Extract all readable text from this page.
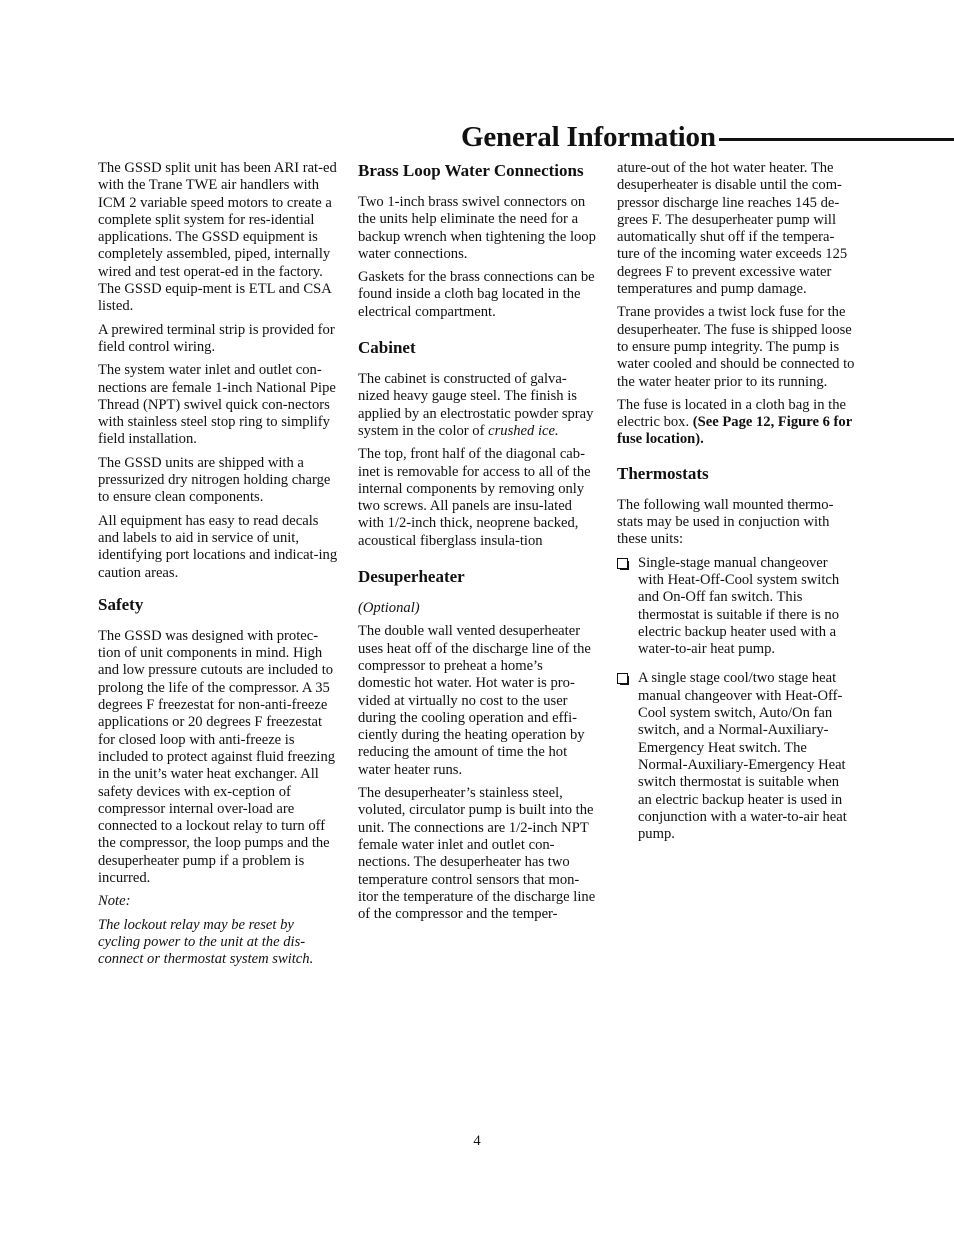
General Information

The GSSD split unit has been ARI rat-ed with the Trane TWE air handlers with ICM 2 variable speed motors to create a complete split system for res-idential applications. The GSSD equipment is completely assembled, piped, internally wired and test operat-ed in the factory. The GSSD equip-ment is ETL and CSA listed.

A prewired terminal strip is provided for field control wiring.

The system water inlet and outlet con-nections are female 1-inch National Pipe Thread (NPT) swivel quick con-nectors with stainless steel stop ring to simplify field installation.

The GSSD units are shipped with a pressurized dry nitrogen holding charge to ensure clean components.

All equipment has easy to read decals and labels to aid in service of unit, identifying port locations and indicat-ing caution areas.

Safety

The GSSD was designed with protec-tion of unit components in mind. High and low pressure cutouts are included to prolong the life of the compressor. A 35 degrees F freezestat for non-anti-freeze applications or 20 degrees F freezestat for closed loop with anti-freeze is included to protect against fluid freezing in the unit’s water heat exchanger. All safety devices with ex-ception of compressor internal over-load are connected to a lockout relay to turn off the compressor, the loop pumps and the desuperheater pump if a problem is incurred.

Note:

The lockout relay may be reset by cycling power to the unit at the dis-connect or thermostat system switch.

Brass Loop Water Connections

Two 1-inch brass swivel connectors on the units help eliminate the need for a backup wrench when tightening the loop water connections.

Gaskets for the brass connections can be found inside a cloth bag located in the electrical compartment.

Cabinet

The cabinet is constructed of galva-nized heavy gauge steel. The finish is applied by an electrostatic powder spray system in the color of crushed ice.

The top, front half of the diagonal cab-inet is removable for access to all of the internal components by removing only two screws. All panels are insu-lated with 1/2-inch thick, neoprene backed, acoustical fiberglass insula-tion

Desuperheater

(Optional)

The double wall vented desuperheater uses heat off of the discharge line of the compressor to preheat a home’s domestic hot water. Hot water is pro-vided at virtually no cost to the user during the cooling operation and effi-ciently during the heating operation by reducing the amount of time the hot water heater runs.

The desuperheater’s stainless steel, voluted, circulator pump is built into the unit. The connections are 1/2-inch NPT female water inlet and outlet con-nections. The desuperheater has two temperature control sensors that mon-itor the temperature of the discharge line of the compressor and the temper-

ature-out of the hot water heater. The desuperheater is disable until the com-pressor discharge line reaches 145 de-grees F. The desuperheater pump will automatically shut off if the tempera-ture of the incoming water exceeds 125 degrees F to prevent excessive water temperatures and pump damage.

Trane provides a twist lock fuse for the desuperheater. The fuse is shipped loose to ensure pump integrity. The pump is water cooled and should be connected to the water heater prior to its running.

The fuse is located in a cloth bag in the electric box. (See Page 12, Figure 6 for fuse location).

Thermostats

The following wall mounted thermo-stats may be used in conjuction with these units:

Single-stage manual changeover with Heat-Off-Cool system switch and On-Off fan switch. This thermostat is suitable if there is no electric backup heater used with a water-to-air heat pump.
A single stage cool/two stage heat manual changeover with Heat-Off-Cool system switch, Auto/On fan switch, and a Normal-Auxiliary-Emergency Heat switch. The Normal-Auxiliary-Emergency Heat switch thermostat is suitable when an electric backup heater is used in conjunction with a water-to-air heat pump.
4
